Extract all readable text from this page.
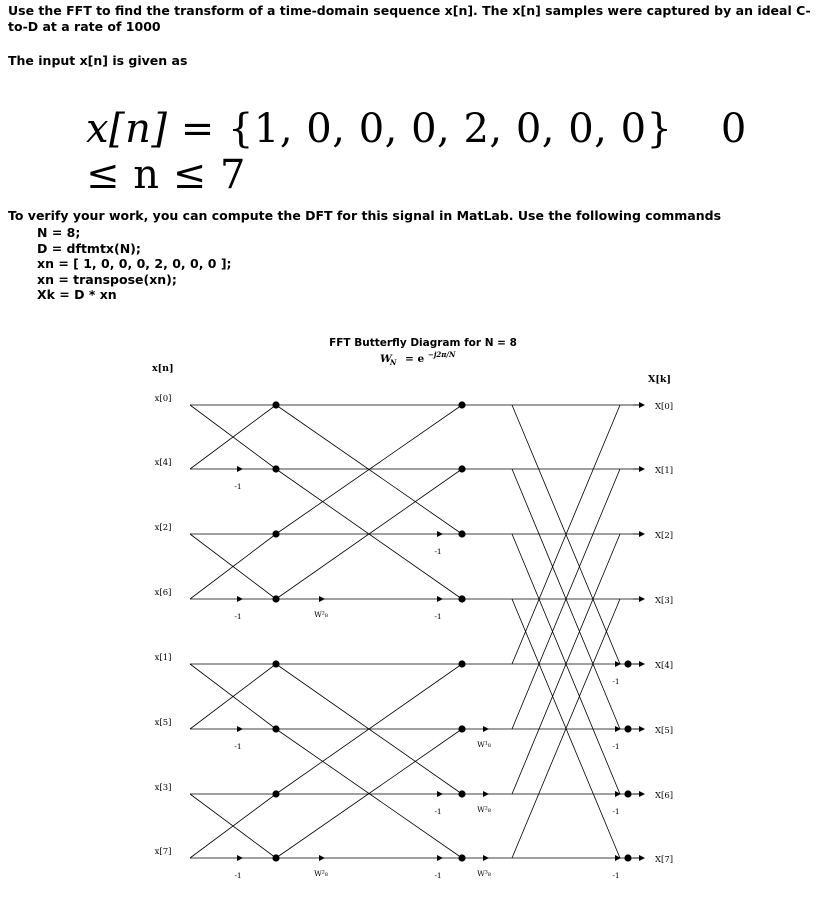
Use the FFT to find the transform of a time-domain sequence x[n]. The x[n] samples were captured by an ideal C-to-D at a rate of 1000
The input x[n] is given as
x[n] = {1, 0, 0, 0, 2, 0, 0, 0} 0 ≤ n ≤ 7
To verify your work, you can compute the DFT for this signal in MatLab. Use the following commands
N = 8;
D = dftmtx(N);
xn = [ 1, 0, 0, 0, 2, 0, 0, 0 ];
xn = transpose(xn);
Xk = D * xn
FFT Butterfly Diagram for N = 8
W
N = e −j2π/N
x[n]
X[k]
x[0]
x[4]
x[2]
x[6]
x[1]
x[5]
x[3]
x[7]
X[0]
X[1]
X[2]
X[3]
X[4]
X[5]
X[6]
X[7]
-1
-1
-1
-1
W²₈
W²₈
-1
-1
-1
-1
W¹₈
W²₈
W³₈
-1
-1
-1
-1
